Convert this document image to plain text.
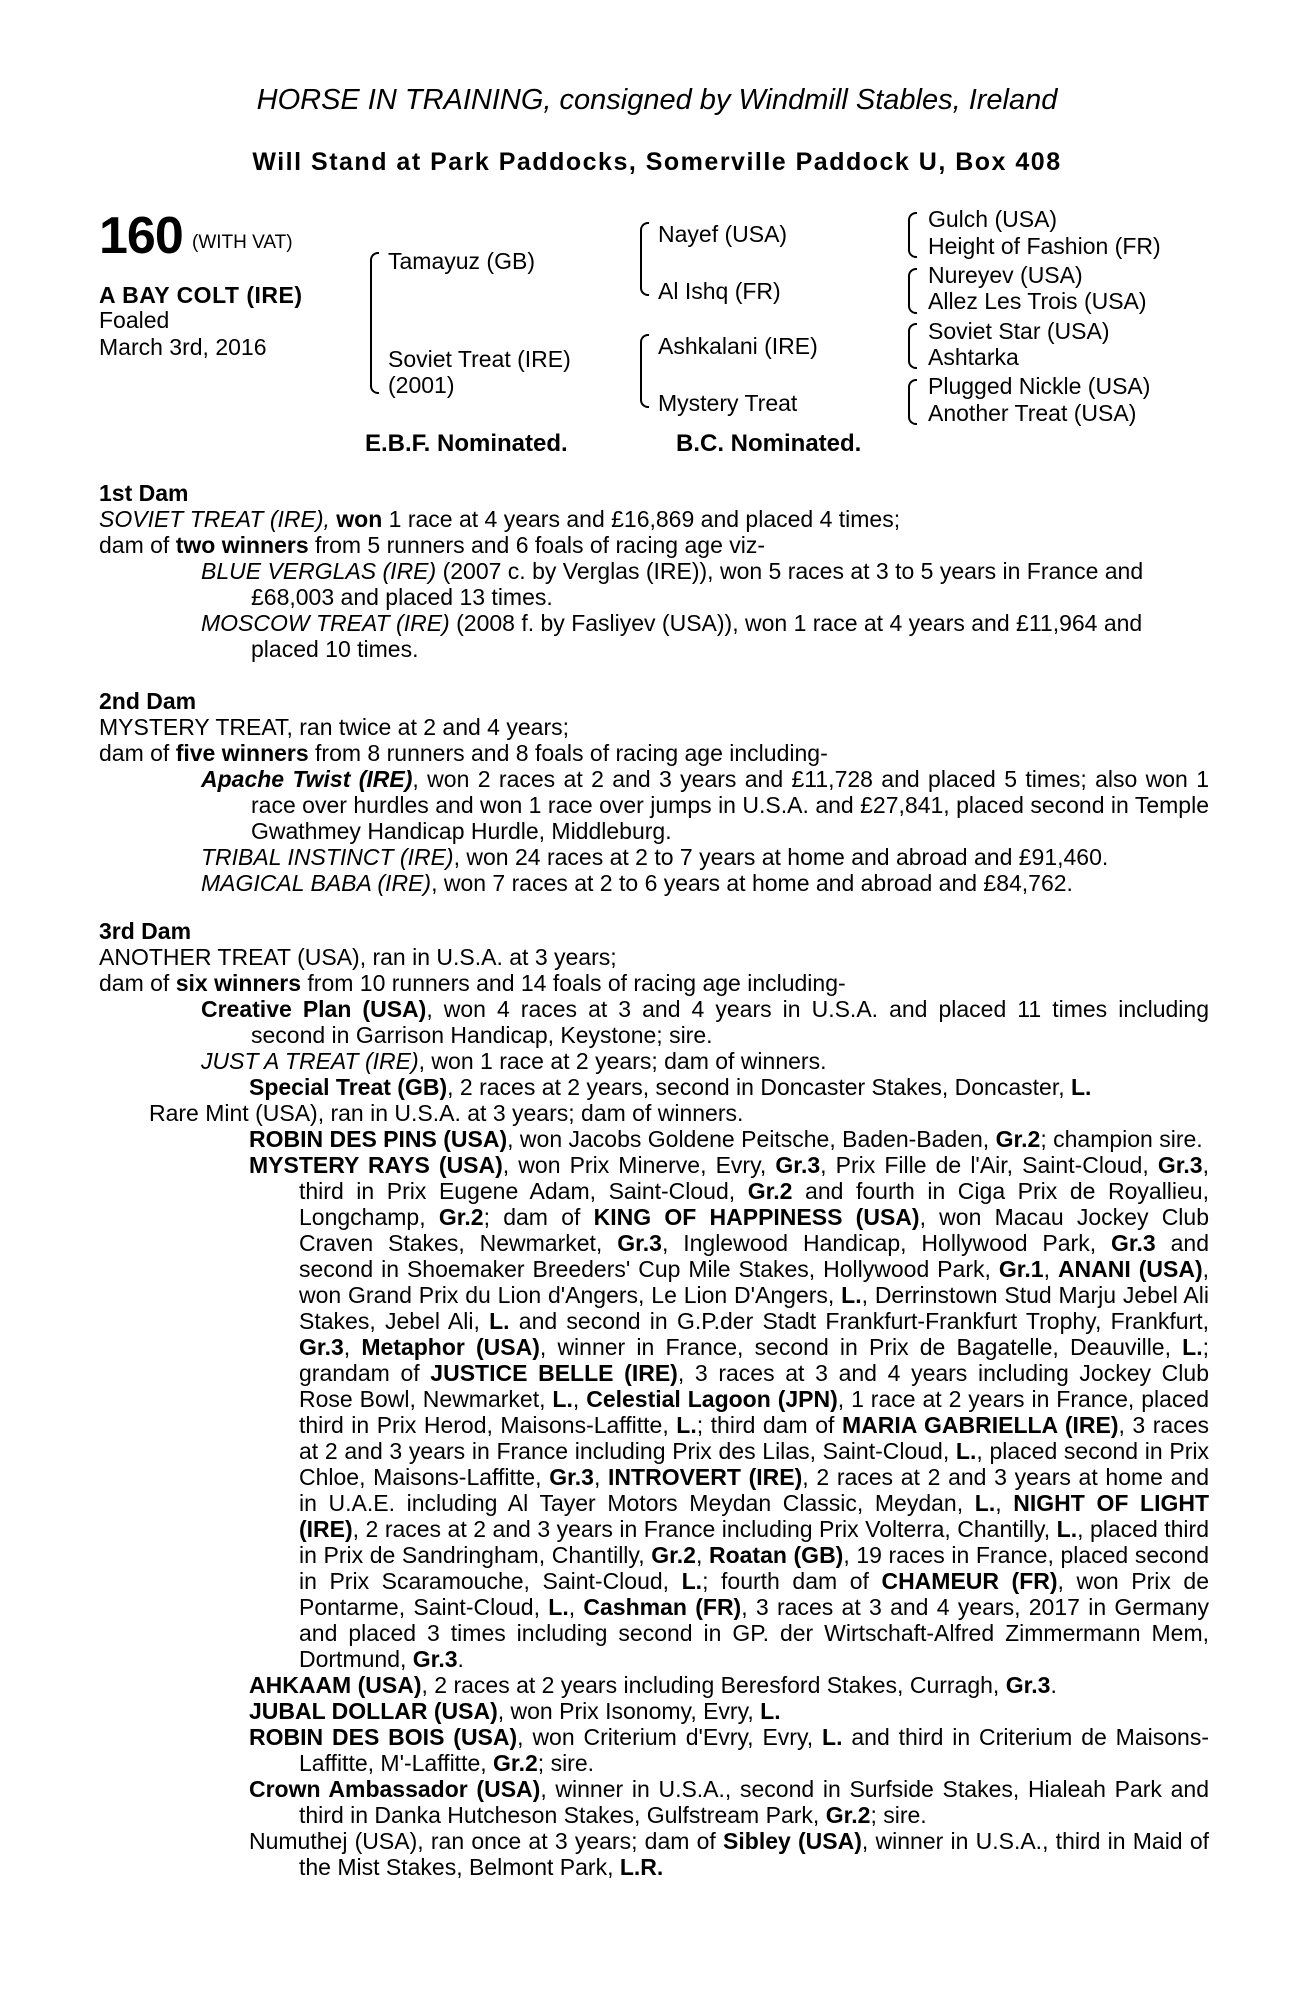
HORSE IN TRAINING, consigned by Windmill Stables, Ireland
Will Stand at Park Paddocks, Somerville Paddock U, Box 408
160 (WITH VAT)
A BAY COLT (IRE)
Foaled
March 3rd, 2016
Tamayuz (GB)
Soviet Treat (IRE)
(2001)
Nayef (USA)
Al Ishq (FR)
Ashkalani (IRE)
Mystery Treat
Gulch (USA)
Height of Fashion (FR)
Nureyev (USA)
Allez Les Trois (USA)
Soviet Star (USA)
Ashtarka
Plugged Nickle (USA)
Another Treat (USA)
E.B.F. Nominated.	B.C. Nominated.
1st Dam
SOVIET TREAT (IRE), won 1 race at 4 years and £16,869 and placed 4 times;
dam of two winners from 5 runners and 6 foals of racing age viz-
BLUE VERGLAS (IRE) (2007 c. by Verglas (IRE)), won 5 races at 3 to 5 years in France and £68,003 and placed 13 times.
MOSCOW TREAT (IRE) (2008 f. by Fasliyev (USA)), won 1 race at 4 years and £11,964 and placed 10 times.
2nd Dam
MYSTERY TREAT, ran twice at 2 and 4 years;
dam of five winners from 8 runners and 8 foals of racing age including-
Apache Twist (IRE), won 2 races at 2 and 3 years and £11,728 and placed 5 times; also won 1 race over hurdles and won 1 race over jumps in U.S.A. and £27,841, placed second in Temple Gwathmey Handicap Hurdle, Middleburg.
TRIBAL INSTINCT (IRE), won 24 races at 2 to 7 years at home and abroad and £91,460.
MAGICAL BABA (IRE), won 7 races at 2 to 6 years at home and abroad and £84,762.
3rd Dam
ANOTHER TREAT (USA), ran in U.S.A. at 3 years;
dam of six winners from 10 runners and 14 foals of racing age including-
Creative Plan (USA), won 4 races at 3 and 4 years in U.S.A. and placed 11 times including second in Garrison Handicap, Keystone; sire.
JUST A TREAT (IRE), won 1 race at 2 years; dam of winners.
Special Treat (GB), 2 races at 2 years, second in Doncaster Stakes, Doncaster, L.
Rare Mint (USA), ran in U.S.A. at 3 years; dam of winners.
ROBIN DES PINS (USA), won Jacobs Goldene Peitsche, Baden-Baden, Gr.2; champion sire.
MYSTERY RAYS (USA), won Prix Minerve, Evry, Gr.3, Prix Fille de l'Air, Saint-Cloud, Gr.3, third in Prix Eugene Adam, Saint-Cloud, Gr.2 and fourth in Ciga Prix de Royallieu, Longchamp, Gr.2; dam of KING OF HAPPINESS (USA), won Macau Jockey Club Craven Stakes, Newmarket, Gr.3, Inglewood Handicap, Hollywood Park, Gr.3 and second in Shoemaker Breeders' Cup Mile Stakes, Hollywood Park, Gr.1, ANANI (USA), won Grand Prix du Lion d'Angers, Le Lion D'Angers, L., Derrinstown Stud Marju Jebel Ali Stakes, Jebel Ali, L. and second in G.P.der Stadt Frankfurt-Frankfurt Trophy, Frankfurt, Gr.3, Metaphor (USA), winner in France, second in Prix de Bagatelle, Deauville, L.; grandam of JUSTICE BELLE (IRE), 3 races at 3 and 4 years including Jockey Club Rose Bowl, Newmarket, L., Celestial Lagoon (JPN), 1 race at 2 years in France, placed third in Prix Herod, Maisons-Laffitte, L.; third dam of MARIA GABRIELLA (IRE), 3 races at 2 and 3 years in France including Prix des Lilas, Saint-Cloud, L., placed second in Prix Chloe, Maisons-Laffitte, Gr.3, INTROVERT (IRE), 2 races at 2 and 3 years at home and in U.A.E. including Al Tayer Motors Meydan Classic, Meydan, L., NIGHT OF LIGHT (IRE), 2 races at 2 and 3 years in France including Prix Volterra, Chantilly, L., placed third in Prix de Sandringham, Chantilly, Gr.2, Roatan (GB), 19 races in France, placed second in Prix Scaramouche, Saint-Cloud, L.; fourth dam of CHAMEUR (FR), won Prix de Pontarme, Saint-Cloud, L., Cashman (FR), 3 races at 3 and 4 years, 2017 in Germany and placed 3 times including second in GP. der Wirtschaft-Alfred Zimmermann Mem, Dortmund, Gr.3.
AHKAAM (USA), 2 races at 2 years including Beresford Stakes, Curragh, Gr.3.
JUBAL DOLLAR (USA), won Prix Isonomy, Evry, L.
ROBIN DES BOIS (USA), won Criterium d'Evry, Evry, L. and third in Criterium de Maisons-Laffitte, M'-Laffitte, Gr.2; sire.
Crown Ambassador (USA), winner in U.S.A., second in Surfside Stakes, Hialeah Park and third in Danka Hutcheson Stakes, Gulfstream Park, Gr.2; sire.
Numuthej (USA), ran once at 3 years; dam of Sibley (USA), winner in U.S.A., third in Maid of the Mist Stakes, Belmont Park, L.R.
